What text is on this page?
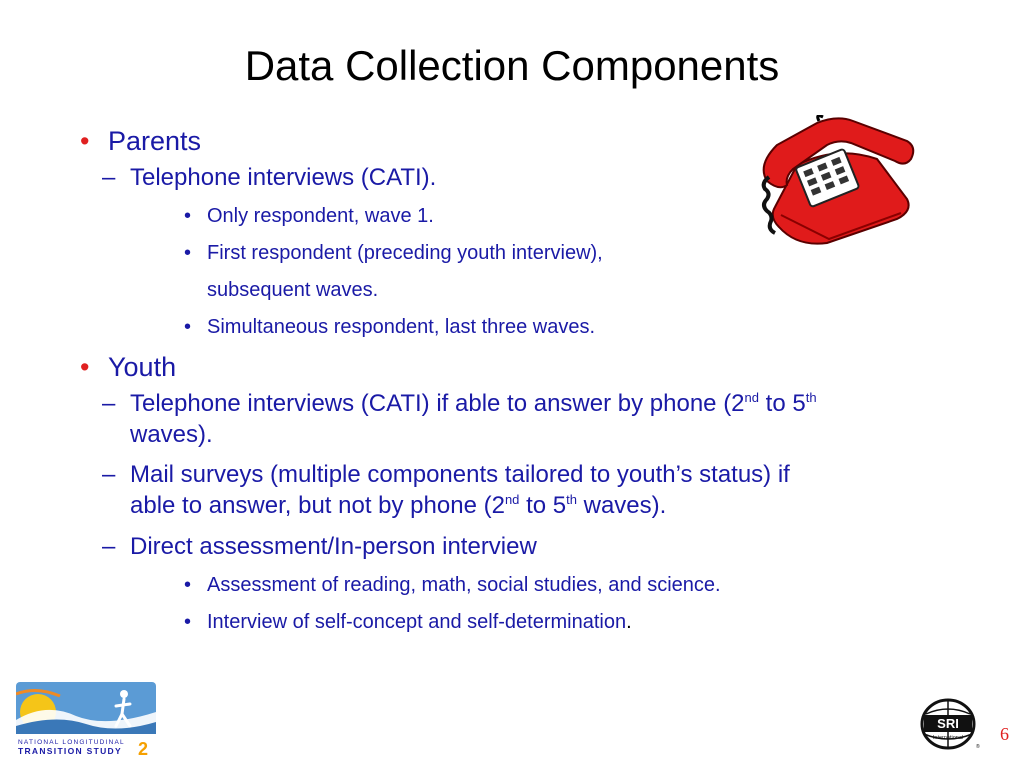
Data Collection Components
• Parents
– Telephone interviews (CATI).
• Only respondent, wave 1.
• First respondent (preceding youth interview),
subsequent waves.
• Simultaneous respondent, last three waves.
• Youth
– Telephone interviews (CATI) if able to answer by phone (2nd to 5th
waves).
– Mail surveys (multiple components tailored to youth’s status) if
able to answer, but not by phone (2nd to 5th waves).
– Direct assessment/In-person interview
• Assessment of reading, math, social studies, and science.
• Interview of self-concept and self-determination.
NATIONAL LONGITUDINAL
TRANSITION STUDY 2
SRI
International
®
6
